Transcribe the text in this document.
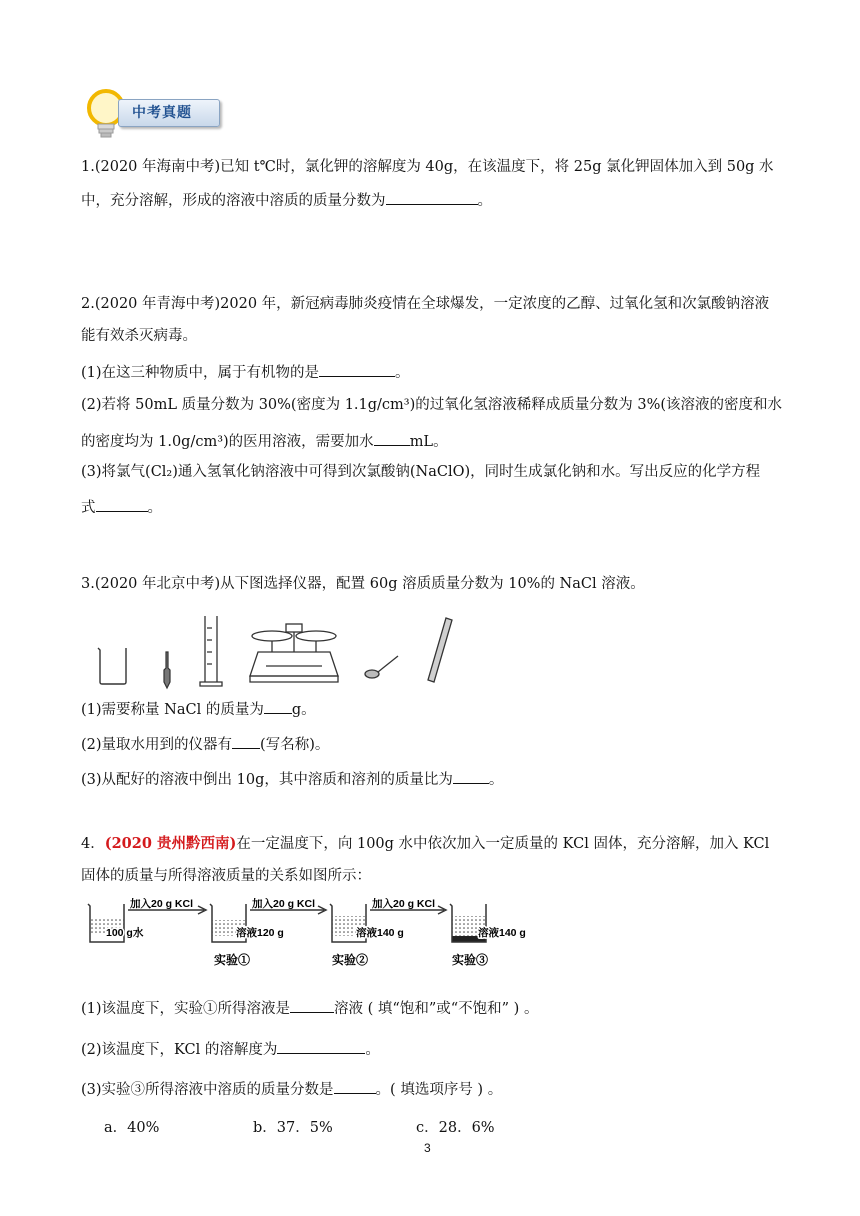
中考真题
1.(2020 年海南中考)已知 t℃时，氯化钾的溶解度为 40g，在该温度下，将 25g 氯化钾固体加入到 50g 水
中，充分溶解，形成的溶液中溶质的质量分数为	。
2.(2020 年青海中考)2020 年，新冠病毒肺炎疫情在全球爆发，一定浓度的乙醇、过氧化氢和次氯酸钠溶液
能有效杀灭病毒。
(1)在这三种物质中，属于有机物的是	。
(2)若将 50mL 质量分数为 30%(密度为 1.1g/cm³)的过氧化氢溶液稀释成质量分数为 3%(该溶液的密度和水
的密度均为 1.0g/cm³)的医用溶液，需要加水 mL。
(3)将氯气(Cl₂)通入氢氧化钠溶液中可得到次氯酸钠(NaClO)，同时生成氯化钠和水。写出反应的化学方程
式	。
3.(2020 年北京中考)从下图选择仪器，配置 60g 溶质质量分数为 10%的 NaCl 溶液。
(1)需要称量 NaCl 的质量为 g。
(2)量取水用到的仪器有 (写名称)。
(3)从配好的溶液中倒出 10g，其中溶质和溶剂的质量比为 。
4．(2020 贵州黔西南)在一定温度下，向 100g 水中依次加入一定质量的 KCl 固体，充分溶解，加入 KCl
固体的质量与所得溶液质量的关系如图所示：
100 g水
加入20 g KCl
溶液120 g
加入20 g KCl
实验①
溶液140 g
加入20 g KCl
实验②
溶液140 g
实验③
(1)该温度下，实验①所得溶液是	溶液 ( 填“饱和”或“不饱和” ) 。
(2)该温度下，KCl 的溶解度为	。
(3)实验③所得溶液中溶质的质量分数是	。( 填选项序号 ) 。
a．40%	b．37．5%	c．28．6%
3
